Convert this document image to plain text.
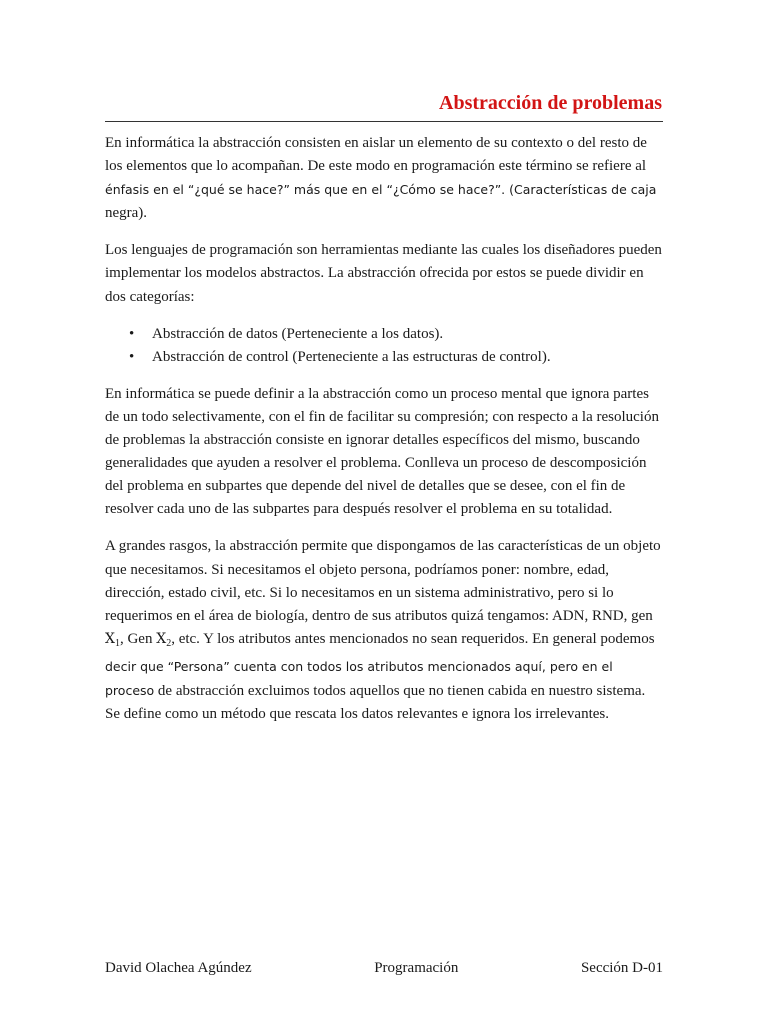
Abstracción de problemas

En informática la abstracción consisten en aislar un elemento de su contexto o del resto de los elementos que lo acompañan. De este modo en programación este término se refiere al énfasis en el “¿qué se hace?” más que en el “¿Cómo se hace?”. (Características de caja negra).

Los lenguajes de programación son herramientas mediante las cuales los diseñadores pueden implementar los modelos abstractos. La abstracción ofrecida por estos se puede dividir en dos categorías:

• Abstracción de datos (Perteneciente a los datos).
• Abstracción de control (Perteneciente a las estructuras de control).

En informática se puede definir a la abstracción como un proceso mental que ignora partes de un todo selectivamente, con el fin de facilitar su compresión; con respecto a la resolución de problemas la abstracción consiste en ignorar detalles específicos del mismo, buscando generalidades que ayuden a resolver el problema. Conlleva un proceso de descomposición del problema en subpartes que depende del nivel de detalles que se desee, con el fin de resolver cada uno de las subpartes para después resolver el problema en su totalidad.

A grandes rasgos, la abstracción permite que dispongamos de las características de un objeto que necesitamos. Si necesitamos el objeto persona, podríamos poner: nombre, edad, dirección, estado civil, etc. Si lo necesitamos en un sistema administrativo, pero si lo requerimos en el área de biología, dentro de sus atributos quizá tengamos: ADN, RND, gen $X_1$, Gen $X_2$, etc. Y los atributos antes mencionados no sean requeridos. En general podemos decir que “Persona” cuenta con todos los atributos mencionados aquí, pero en el proceso de abstracción excluimos todos aquellos que no tienen cabida en nuestro sistema. Se define como un método que rescata los datos relevantes e ignora los irrelevantes.

David Olachea Agúndez	Programación	Sección D-01
